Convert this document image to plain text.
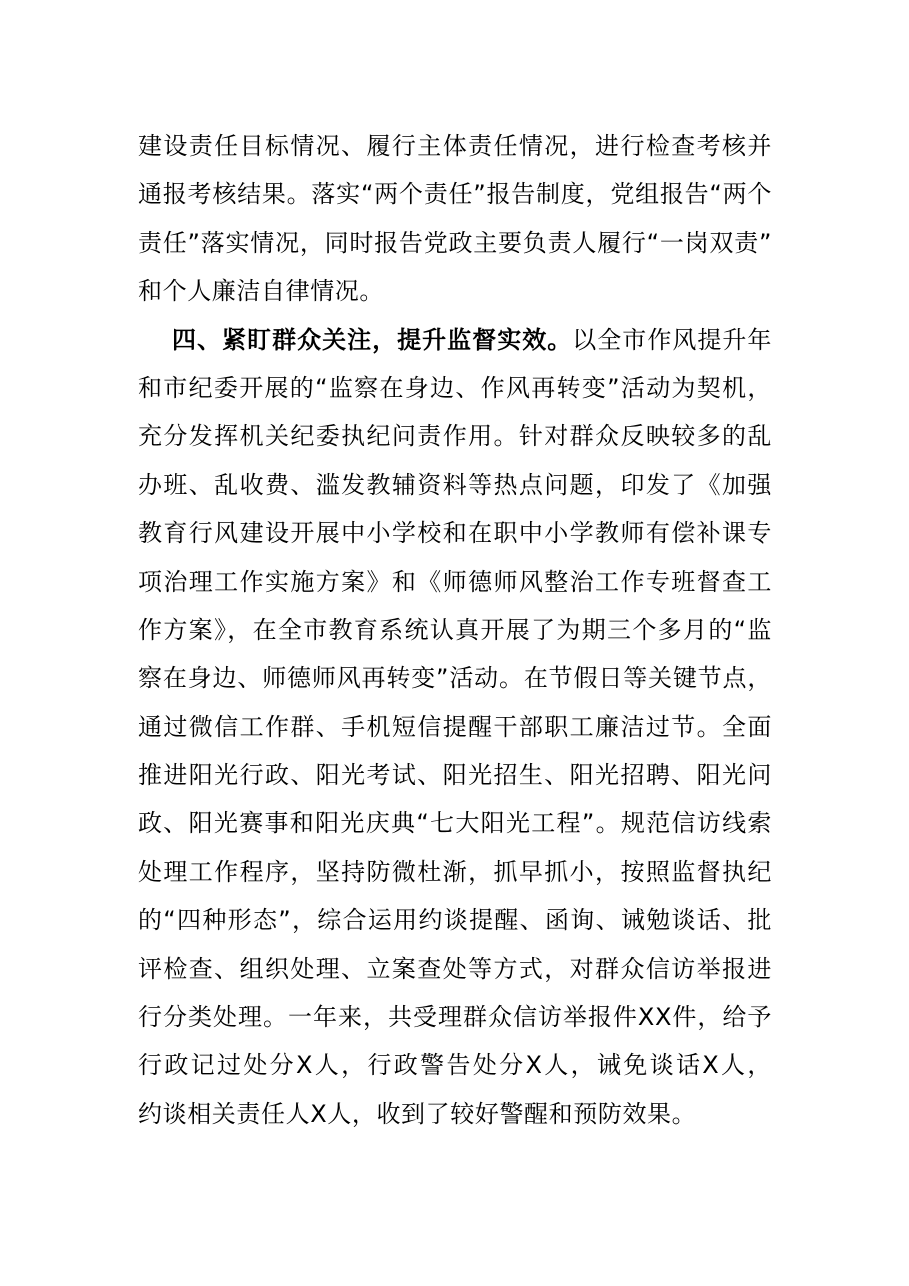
建设责任目标情况、履行主体责任情况，进行检查考核并
通报考核结果。落实“两个责任”报告制度，党组报告“两个
责任”落实情况，同时报告党政主要负责人履行“一岗双责”
和个人廉洁自律情况。
四、紧盯群众关注，提升监督实效。以全市作风提升年
和市纪委开展的“监察在身边、作风再转变”活动为契机，
充分发挥机关纪委执纪问责作用。针对群众反映较多的乱
办班、乱收费、滥发教辅资料等热点问题，印发了《加强
教育行风建设开展中小学校和在职中小学教师有偿补课专
项治理工作实施方案》和《师德师风整治工作专班督查工
作方案》，在全市教育系统认真开展了为期三个多月的“监
察在身边、师德师风再转变”活动。在节假日等关键节点，
通过微信工作群、手机短信提醒干部职工廉洁过节。全面
推进阳光行政、阳光考试、阳光招生、阳光招聘、阳光问
政、阳光赛事和阳光庆典“七大阳光工程”。规范信访线索
处理工作程序，坚持防微杜渐，抓早抓小，按照监督执纪
的“四种形态”，综合运用约谈提醒、函询、诫勉谈话、批
评检查、组织处理、立案查处等方式，对群众信访举报进
行分类处理。一年来，共受理群众信访举报件XX件，给予
行政记过处分X人，行政警告处分X人，诫免谈话X人，
约谈相关责任人X人，收到了较好警醒和预防效果。
